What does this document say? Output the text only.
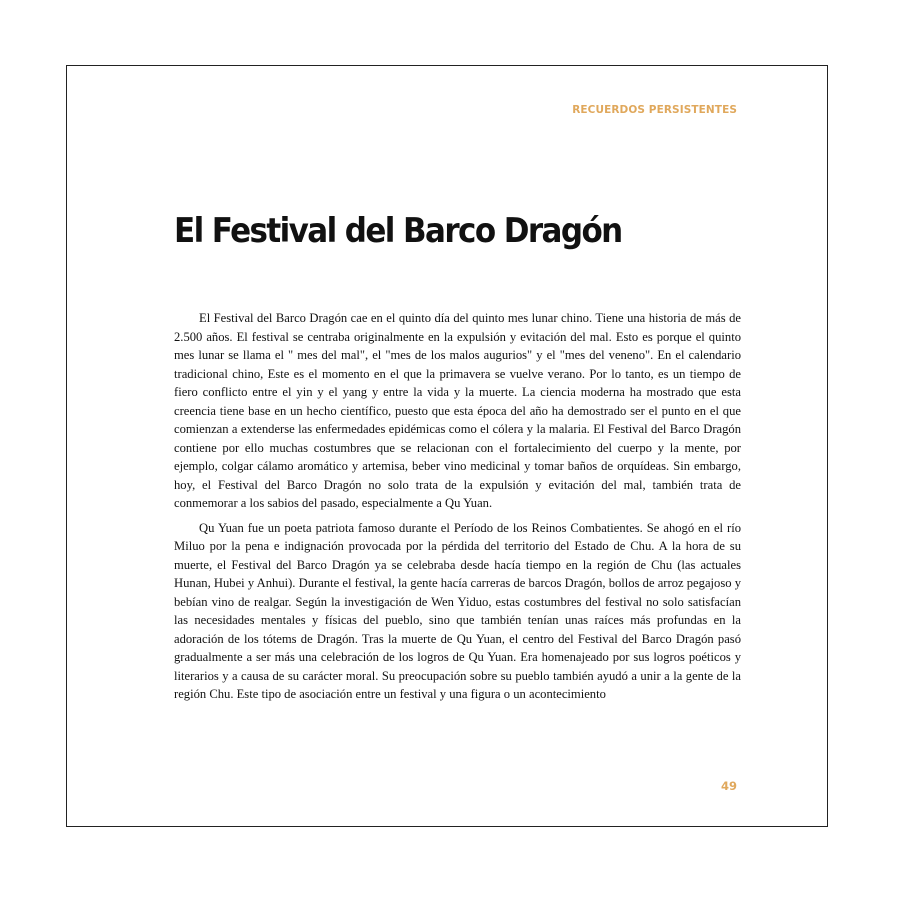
RECUERDOS PERSISTENTES
El Festival del Barco Dragón

El Festival del Barco Dragón cae en el quinto día del quinto mes lunar chino. Tiene una historia de más de 2.500 años. El festival se centraba originalmente en la expulsión y evitación del mal. Esto es porque el quinto mes lunar se llama el " mes del mal", el "mes de los malos augurios" y el "mes del veneno". En el calendario tradicional chino, Este es el momento en el que la primavera se vuelve verano. Por lo tanto, es un tiempo de fiero conflicto entre el yin y el yang y entre la vida y la muerte. La ciencia moderna ha mostrado que esta creencia tiene base en un hecho científico, puesto que esta época del año ha demostrado ser el punto en el que comienzan a extenderse las enfermedades epidémicas como el cólera y la malaria. El Festival del Barco Dragón contiene por ello muchas costumbres que se relacionan con el fortalecimiento del cuerpo y la mente, por ejemplo, colgar cálamo aromático y artemisa, beber vino medicinal y tomar baños de orquídeas. Sin embargo, hoy, el Festival del Barco Dragón no solo trata de la expulsión y evitación del mal, también trata de conmemorar a los sabios del pasado, especialmente a Qu Yuan.

Qu Yuan fue un poeta patriota famoso durante el Período de los Reinos Combatientes. Se ahogó en el río Miluo por la pena e indignación provocada por la pérdida del territorio del Estado de Chu. A la hora de su muerte, el Festival del Barco Dragón ya se celebraba desde hacía tiempo en la región de Chu (las actuales Hunan, Hubei y Anhui). Durante el festival, la gente hacía carreras de barcos Dragón, bollos de arroz pegajoso y bebían vino de realgar. Según la investigación de Wen Yiduo, estas costumbres del festival no solo satisfacían las necesidades mentales y físicas del pueblo, sino que también tenían unas raíces más profundas en la adoración de los tótems de Dragón. Tras la muerte de Qu Yuan, el centro del Festival del Barco Dragón pasó gradualmente a ser más una celebración de los logros de Qu Yuan. Era homenajeado por sus logros poéticos y literarios y a causa de su carácter moral. Su preocupación sobre su pueblo también ayudó a unir a la gente de la región Chu. Este tipo de asociación entre un festival y una figura o un acontecimiento

49
